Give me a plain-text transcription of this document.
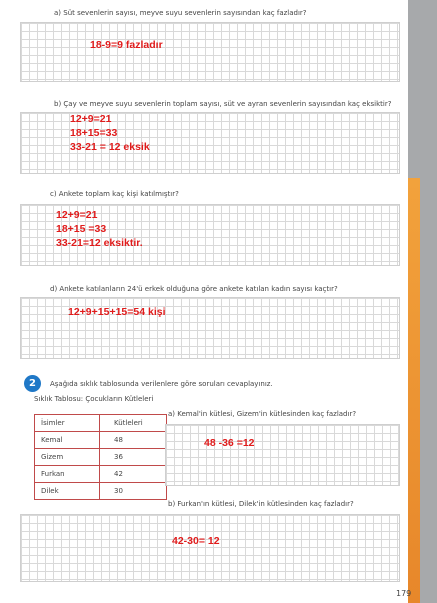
a) Süt sevenlerin sayısı, meyve suyu sevenlerin sayısından kaç fazladır?
18-9=9 fazladır
b) Çay ve meyve suyu sevenlerin toplam sayısı, süt ve ayran sevenlerin sayısından kaç eksiktir?
12+9=21
18+15=33
33-21 = 12 eksik
c) Ankete toplam kaç kişi katılmıştır?
12+9=21
18+15 =33
33-21=12 eksiktir.
d) Ankete katılanların 24'ü erkek olduğuna göre ankete katılan kadın sayısı kaçtır?
12+9+15+15=54 kişi
2	Aşağıda sıklık tablosunda verilenlere göre soruları cevaplayınız.
Sıklık Tablosu: Çocukların Kütleleri
İsimler	Kütleleri
Kemal	48
Gizem	36
Furkan	42
Dilek	30
a) Kemal'in kütlesi, Gizem'in kütlesinden kaç fazladır?
48 -36 =12
b) Furkan'ın kütlesi, Dilek'in kütlesinden kaç fazladır?
42-30= 12
179
